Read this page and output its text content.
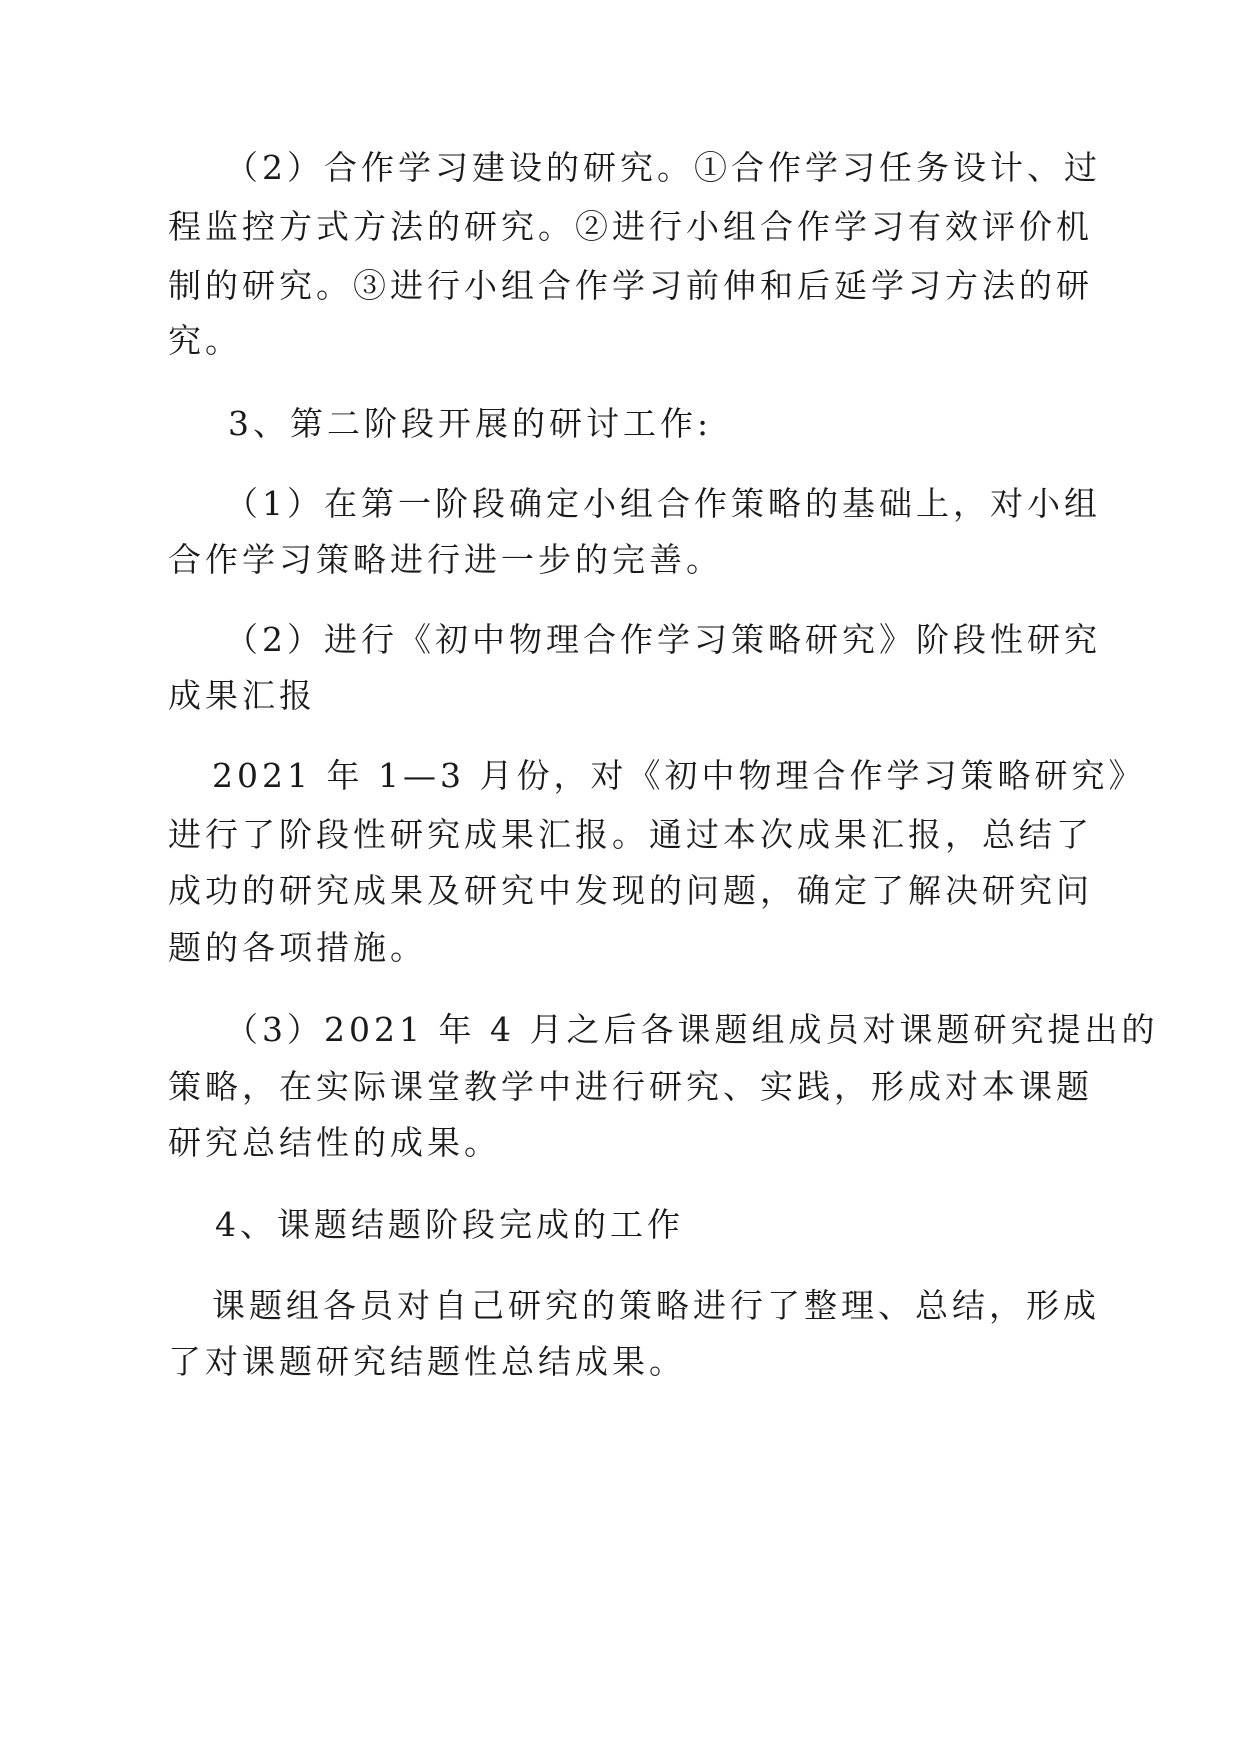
（2）合作学习建设的研究。①合作学习任务设计、过
程监控方式方法的研究。②进行小组合作学习有效评价机
制的研究。③进行小组合作学习前伸和后延学习方法的研
究。
3、第二阶段开展的研讨工作:
（1）在第一阶段确定小组合作策略的基础上，对小组
合作学习策略进行进一步的完善。
（2）进行《初中物理合作学习策略研究》阶段性研究
成果汇报
2021 年 1—3 月份，对《初中物理合作学习策略研究》
进行了阶段性研究成果汇报。通过本次成果汇报，总结了
成功的研究成果及研究中发现的问题，确定了解决研究问
题的各项措施。
（3）2021 年 4 月之后各课题组成员对课题研究提出的
策略，在实际课堂教学中进行研究、实践，形成对本课题
研究总结性的成果。
4、课题结题阶段完成的工作
课题组各员对自己研究的策略进行了整理、总结，形成
了对课题研究结题性总结成果。
